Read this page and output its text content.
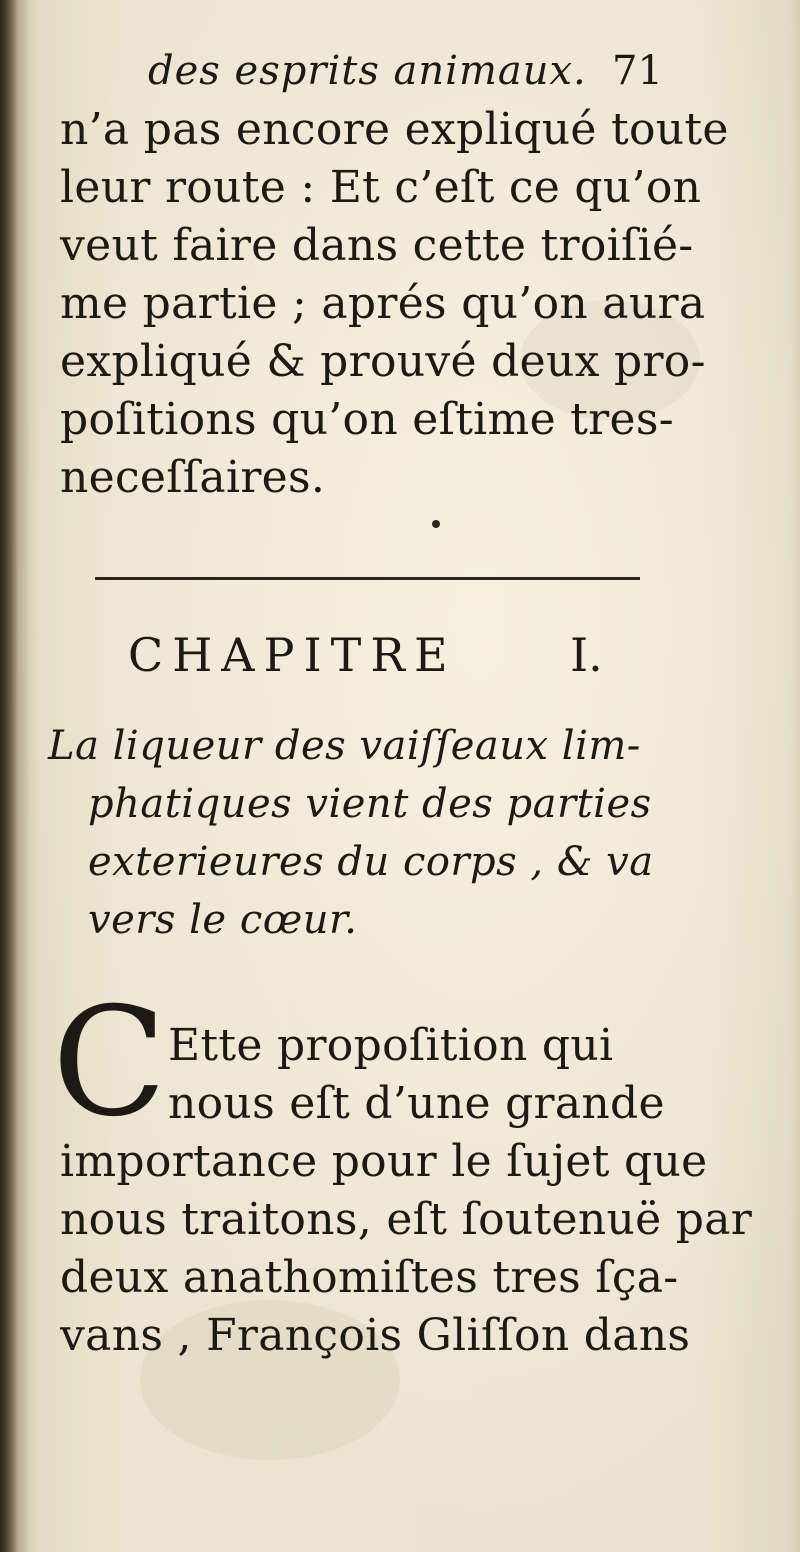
des esprits animaux. 71
n’a pas encore expliqué toute
leur route : Et c’eſt ce qu’on
veut faire dans cette troiſié-
me partie ; aprés qu’on aura
expliqué & prouvé deux pro-
poſitions qu’on eſtime tres-
neceſſaires.
CHAPITRE I.
La liqueur des vaiſſeaux lim-
phatiques vient des parties
exterieures du corps , & va
vers le cœur.
C Ette propoſition qui
nous eſt d’une grande
importance pour le ſujet que
nous traitons, eſt ſoutenuë par
deux anathomiſtes tres ſça-
vans , François Gliſſon dans
